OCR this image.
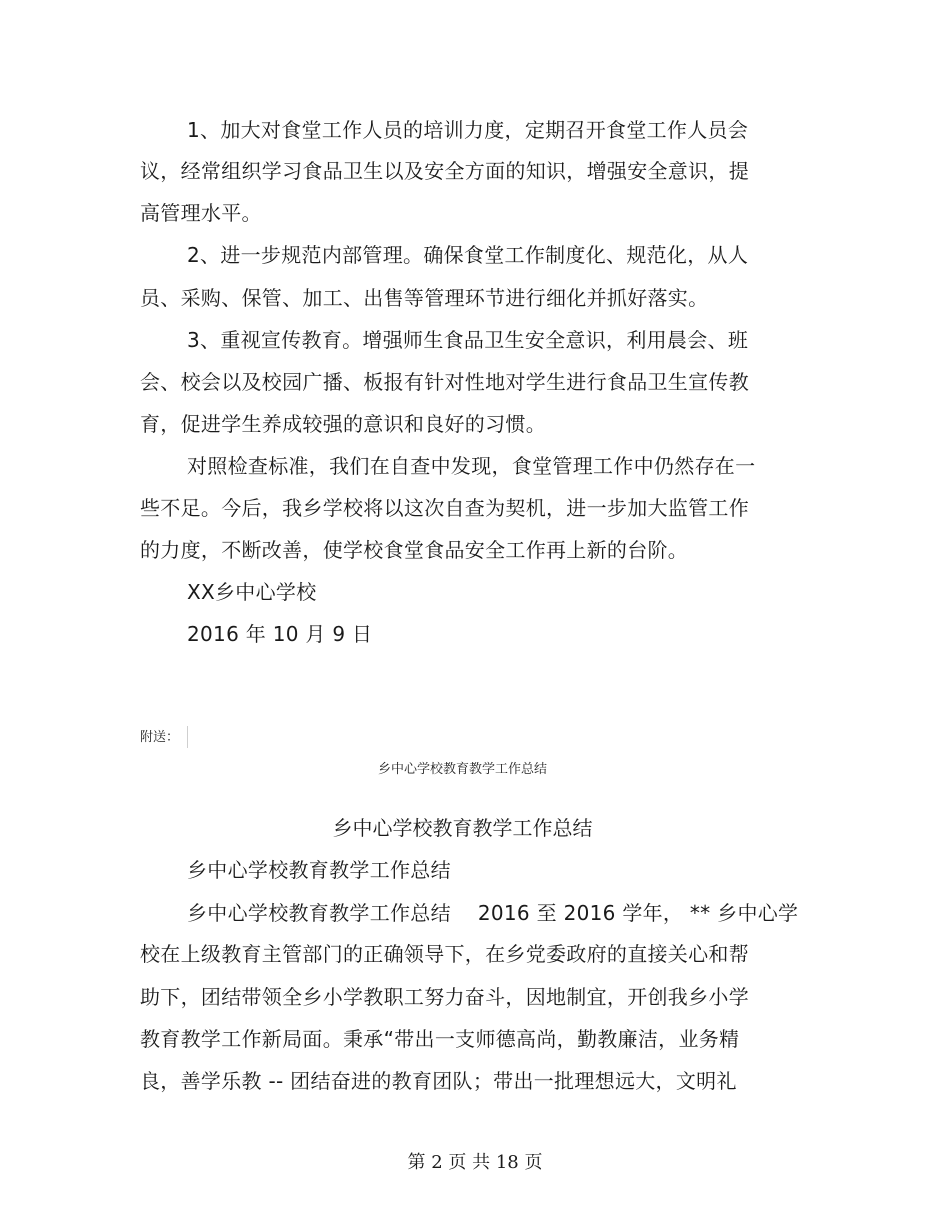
1、加大对食堂工作人员的培训力度，定期召开食堂工作人员会
议，经常组织学习食品卫生以及安全方面的知识，增强安全意识，提
高管理水平。
2、进一步规范内部管理。确保食堂工作制度化、规范化，从人
员、采购、保管、加工、出售等管理环节进行细化并抓好落实。
3、重视宣传教育。增强师生食品卫生安全意识，利用晨会、班
会、校会以及校园广播、板报有针对性地对学生进行食品卫生宣传教
育，促进学生养成较强的意识和良好的习惯。
对照检查标准，我们在自查中发现，食堂管理工作中仍然存在一
些不足。今后，我乡学校将以这次自查为契机，进一步加大监管工作
的力度，不断改善，使学校食堂食品安全工作再上新的台阶。
XX乡中心学校
2016 年 10 月 9 日
附送：
乡中心学校教育教学工作总结
乡中心学校教育教学工作总结
乡中心学校教育教学工作总结
乡中心学校教育教学工作总结　 2016 至 2016 学年， ** 乡中心学
校在上级教育主管部门的正确领导下，在乡党委政府的直接关心和帮
助下，团结带领全乡小学教职工努力奋斗，因地制宜，开创我乡小学
教育教学工作新局面。秉承“带出一支师德高尚，勤教廉洁，业务精
良，善学乐教 -- 团结奋进的教育团队；带出一批理想远大，文明礼
第 2 页 共 18 页
